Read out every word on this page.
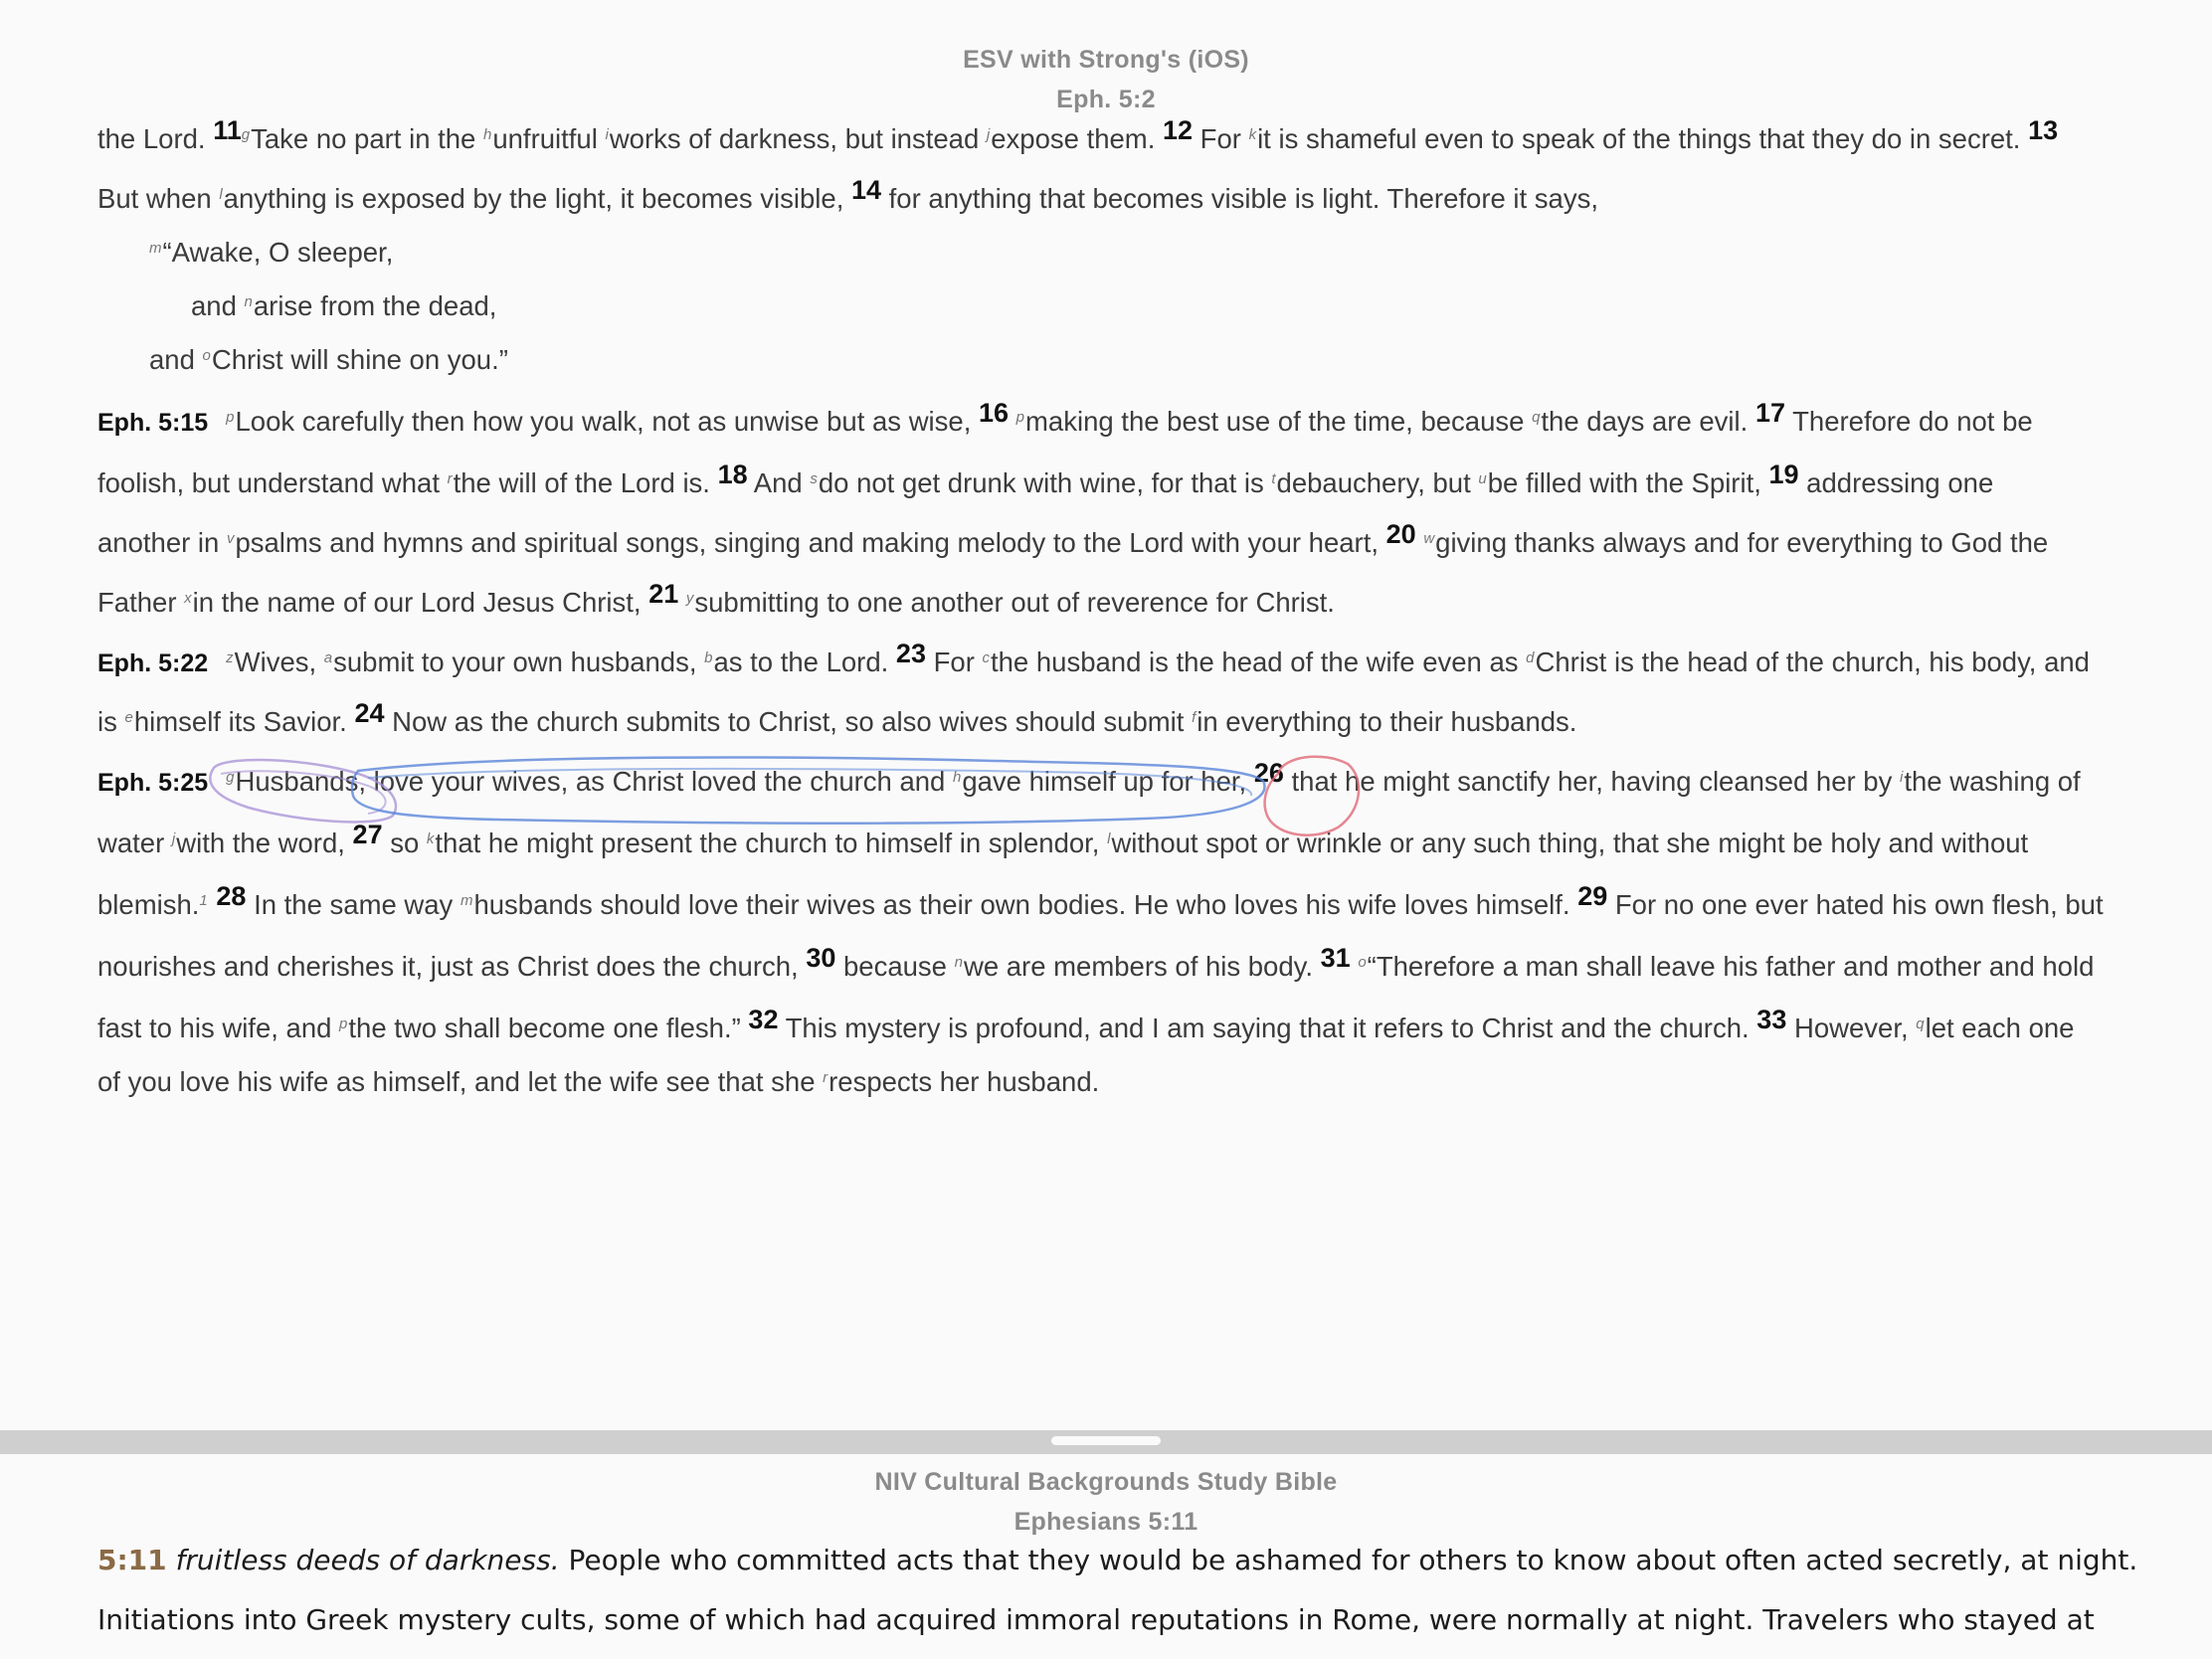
ESV with Strong's (iOS)
Eph. 5:2
the Lord. 11$^g$Take no part in the $^h$unfruitful $^i$works of darkness, but instead $^j$expose them. 12 For $^k$it is shameful even to speak of the things that they do in secret. 13
But when $^l$anything is exposed by the light, it becomes visible, 14 for anything that becomes visible is light. Therefore it says,
$^m$“Awake, O sleeper,
and $^n$arise from the dead,
and $^o$Christ will shine on you.”
Eph. 5:15 $^p$Look carefully then how you walk, not as unwise but as wise, 16 $^p$making the best use of the time, because $^q$the days are evil. 17 Therefore do not be
foolish, but understand what $^r$the will of the Lord is. 18 And $^s$do not get drunk with wine, for that is $^t$debauchery, but $^u$be filled with the Spirit, 19 addressing one
another in $^v$psalms and hymns and spiritual songs, singing and making melody to the Lord with your heart, 20 $^w$giving thanks always and for everything to God the
Father $^x$in the name of our Lord Jesus Christ, 21 $^y$submitting to one another out of reverence for Christ.
Eph. 5:22 $^z$Wives, $^a$submit to your own husbands, $^b$as to the Lord. 23 For $^c$the husband is the head of the wife even as $^d$Christ is the head of the church, his body, and
is $^e$himself its Savior. 24 Now as the church submits to Christ, so also wives should submit $^f$in everything to their husbands.
Eph. 5:25 $^g$Husbands, love your wives, as Christ loved the church and $^h$gave himself up for her, 26 that he might sanctify her, having cleansed her by $^i$the washing of
water $^j$with the word, 27 so $^k$that he might present the church to himself in splendor, $^l$without spot or wrinkle or any such thing, that she might be holy and without
blemish.$^1$ 28 In the same way $^m$husbands should love their wives as their own bodies. He who loves his wife loves himself. 29 For no one ever hated his own flesh, but
nourishes and cherishes it, just as Christ does the church, 30 because $^n$we are members of his body. 31 $^o$“Therefore a man shall leave his father and mother and hold
fast to his wife, and $^p$the two shall become one flesh.” 32 This mystery is profound, and I am saying that it refers to Christ and the church. 33 However, $^q$let each one
of you love his wife as himself, and let the wife see that she $^r$respects her husband.
NIV Cultural Backgrounds Study Bible
Ephesians 5:11
5:11 fruitless deeds of darkness. People who committed acts that they would be ashamed for others to know about often acted secretly, at night.
Initiations into Greek mystery cults, some of which had acquired immoral reputations in Rome, were normally at night. Travelers who stayed at
